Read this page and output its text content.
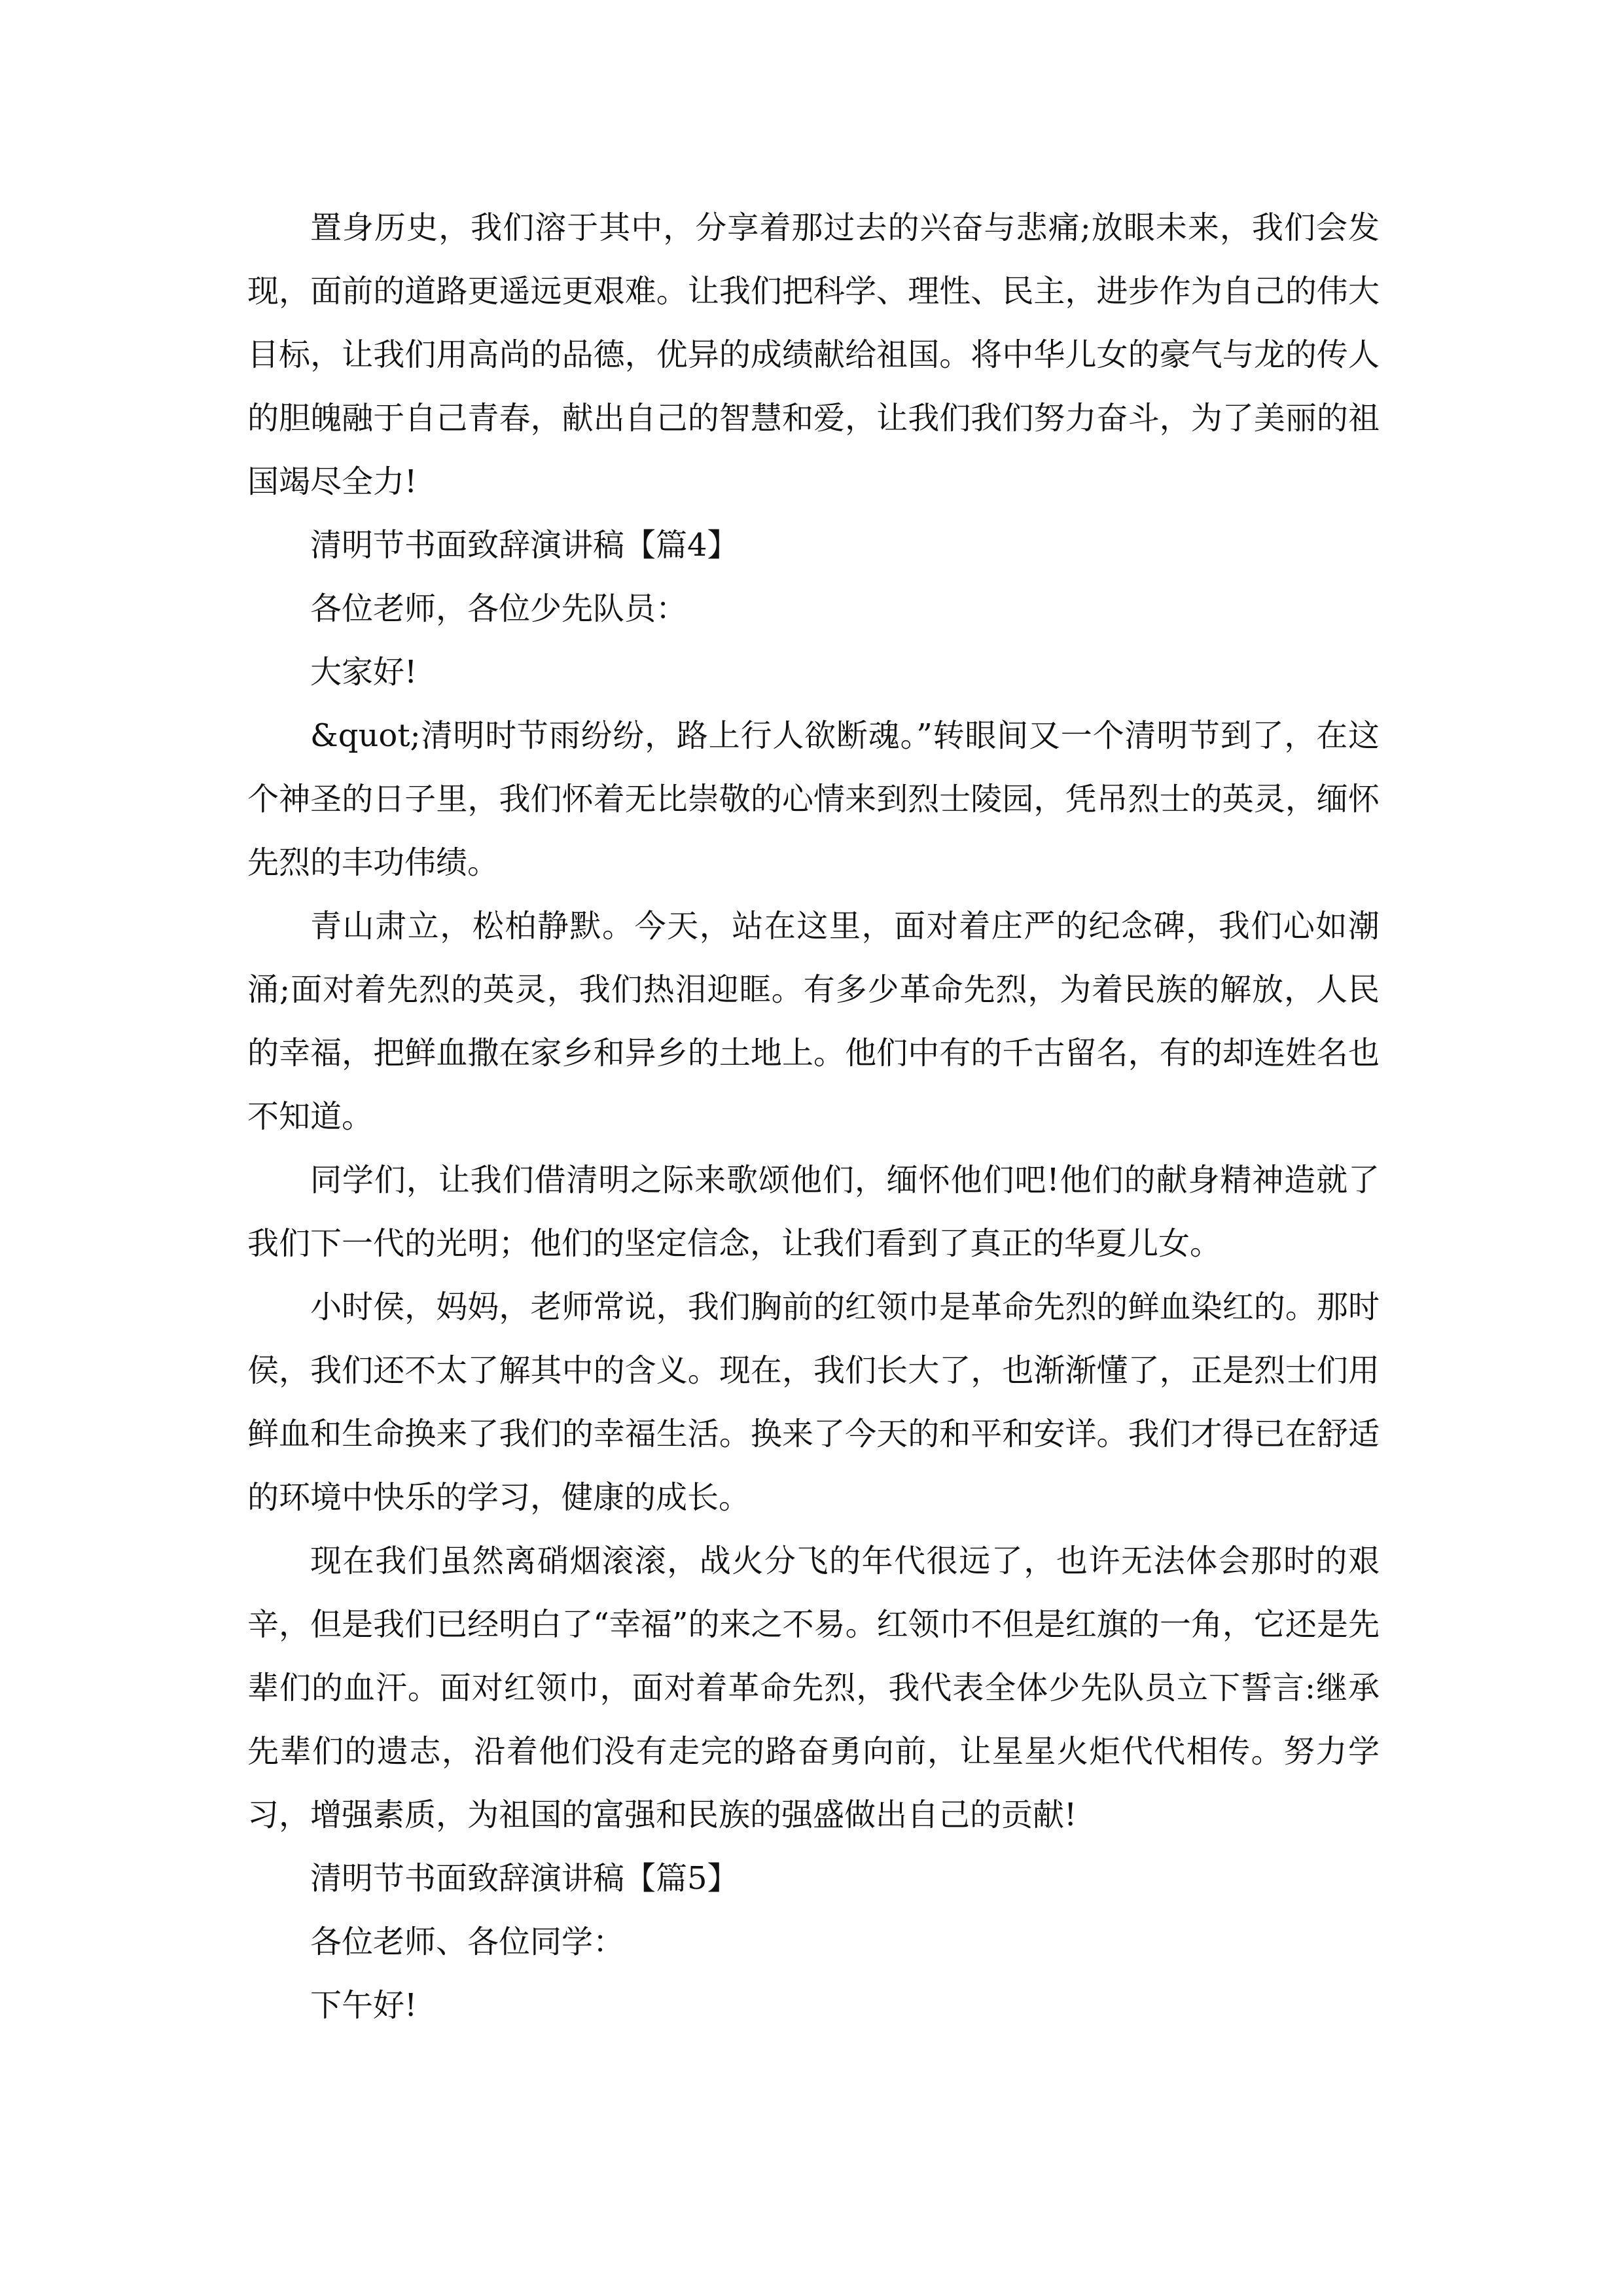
置身历史，我们溶于其中，分享着那过去的兴奋与悲痛;放眼未来，我们会发现，面前的道路更遥远更艰难。让我们把科学、理性、民主，进步作为自己的伟大目标，让我们用高尚的品德，优异的成绩献给祖国。将中华儿女的豪气与龙的传人的胆魄融于自己青春，献出自己的智慧和爱，让我们我们努力奋斗，为了美丽的祖国竭尽全力!

清明节书面致辞演讲稿【篇4】

各位老师，各位少先队员：

大家好!

&quot;清明时节雨纷纷，路上行人欲断魂。”转眼间又一个清明节到了，在这个神圣的日子里，我们怀着无比崇敬的心情来到烈士陵园，凭吊烈士的英灵，缅怀先烈的丰功伟绩。

青山肃立，松柏静默。今天，站在这里，面对着庄严的纪念碑，我们心如潮涌;面对着先烈的英灵，我们热泪迎眶。有多少革命先烈，为着民族的解放，人民的幸福，把鲜血撒在家乡和异乡的土地上。他们中有的千古留名，有的却连姓名也不知道。

同学们，让我们借清明之际来歌颂他们，缅怀他们吧!他们的献身精神造就了我们下一代的光明；他们的坚定信念，让我们看到了真正的华夏儿女。

小时侯，妈妈，老师常说，我们胸前的红领巾是革命先烈的鲜血染红的。那时侯，我们还不太了解其中的含义。现在，我们长大了，也渐渐懂了，正是烈士们用鲜血和生命换来了我们的幸福生活。换来了今天的和平和安详。我们才得已在舒适的环境中快乐的学习，健康的成长。

现在我们虽然离硝烟滚滚，战火分飞的年代很远了，也许无法体会那时的艰辛，但是我们已经明白了“幸福”的来之不易。红领巾不但是红旗的一角，它还是先辈们的血汗。面对红领巾，面对着革命先烈，我代表全体少先队员立下誓言:继承先辈们的遗志，沿着他们没有走完的路奋勇向前，让星星火炬代代相传。努力学习，增强素质，为祖国的富强和民族的强盛做出自己的贡献!

清明节书面致辞演讲稿【篇5】

各位老师、各位同学：

下午好!
